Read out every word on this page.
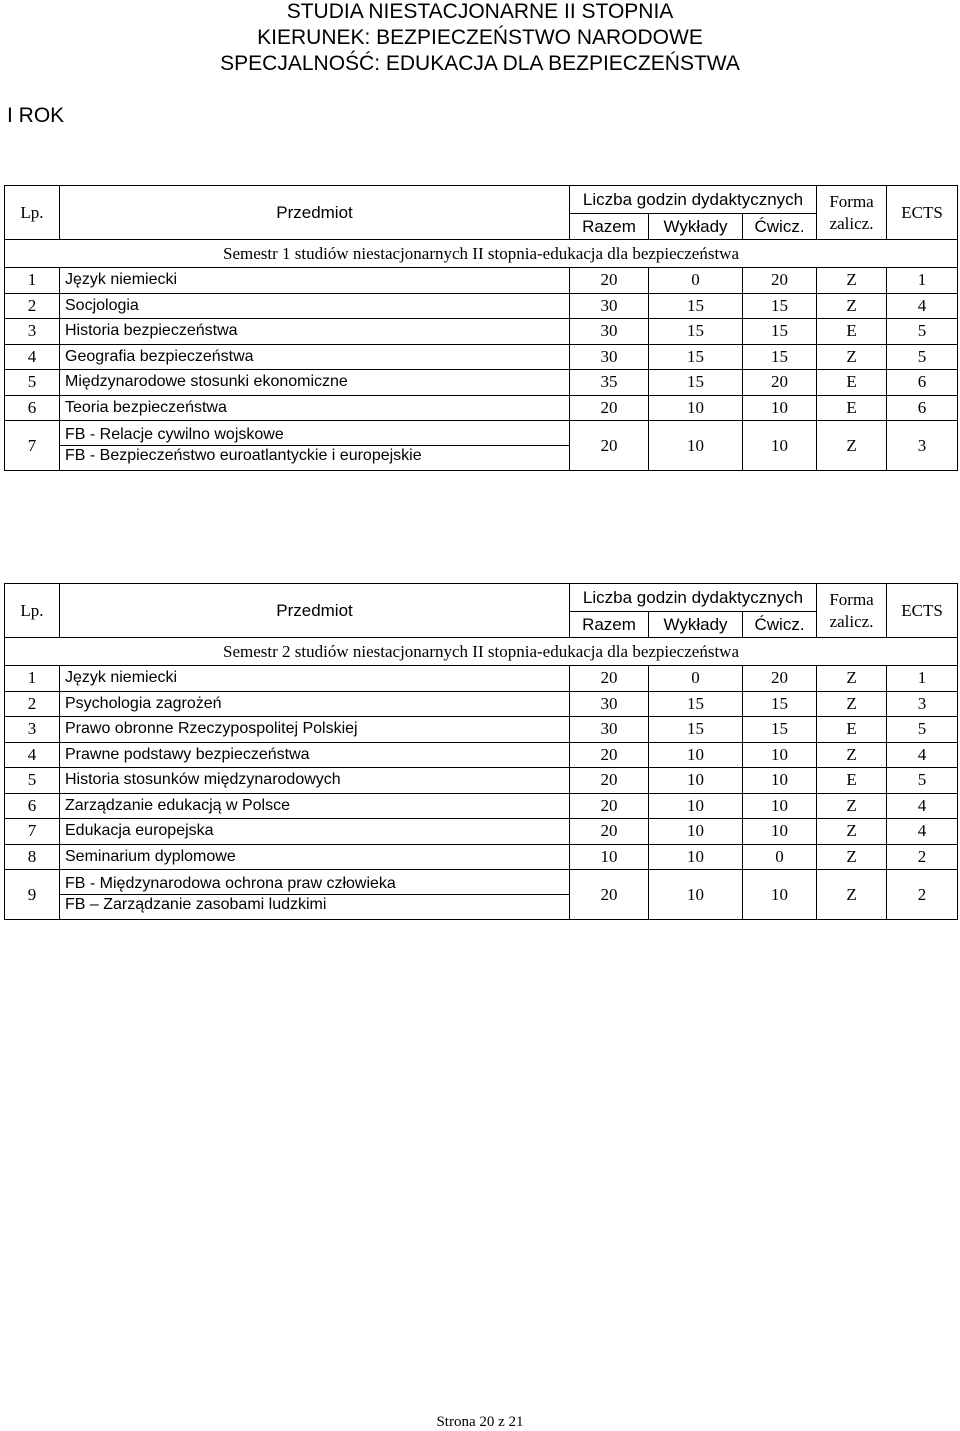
STUDIA NIESTACJONARNE II STOPNIA
KIERUNEK: BEZPIECZEŃSTWO NARODOWE
SPECJALNOŚĆ: EDUKACJA DLA BEZPIECZEŃSTWA
I ROK
Lp.	Przedmiot	Liczba godzin dydaktycznych			Forma
zalicz.	ECTS
		Razem	Wykłady	Ćwicz.		
Semestr 1 studiów niestacjonarnych II stopnia-edukacja dla bezpieczeństwa						
1	Język niemiecki	20	0	20	Z	1
2	Socjologia	30	15	15	Z	4
3	Historia bezpieczeństwa	30	15	15	E	5
4	Geografia bezpieczeństwa	30	15	15	Z	5
5	Międzynarodowe stosunki ekonomiczne	35	15	20	E	6
6	Teoria bezpieczeństwa	20	10	10	E	6
7	FB - Relacje cywilno wojskowe
FB - Bezpieczeństwo euroatlantyckie i europejskie	20	10	10	Z	3
Lp.	Przedmiot	Liczba godzin dydaktycznych			Forma
zalicz.	ECTS
		Razem	Wykłady	Ćwicz.		
Semestr 2 studiów niestacjonarnych II stopnia-edukacja dla bezpieczeństwa						
1	Język niemiecki	20	0	20	Z	1
2	Psychologia zagrożeń	30	15	15	Z	3
3	Prawo obronne Rzeczypospolitej Polskiej	30	15	15	E	5
4	Prawne podstawy bezpieczeństwa	20	10	10	Z	4
5	Historia stosunków międzynarodowych	20	10	10	E	5
6	Zarządzanie edukacją w Polsce	20	10	10	Z	4
7	Edukacja europejska	20	10	10	Z	4
8	Seminarium dyplomowe	10	10	0	Z	2
9	FB - Międzynarodowa ochrona praw człowieka
FB – Zarządzanie zasobami ludzkimi	20	10	10	Z	2
Strona 20 z 21
